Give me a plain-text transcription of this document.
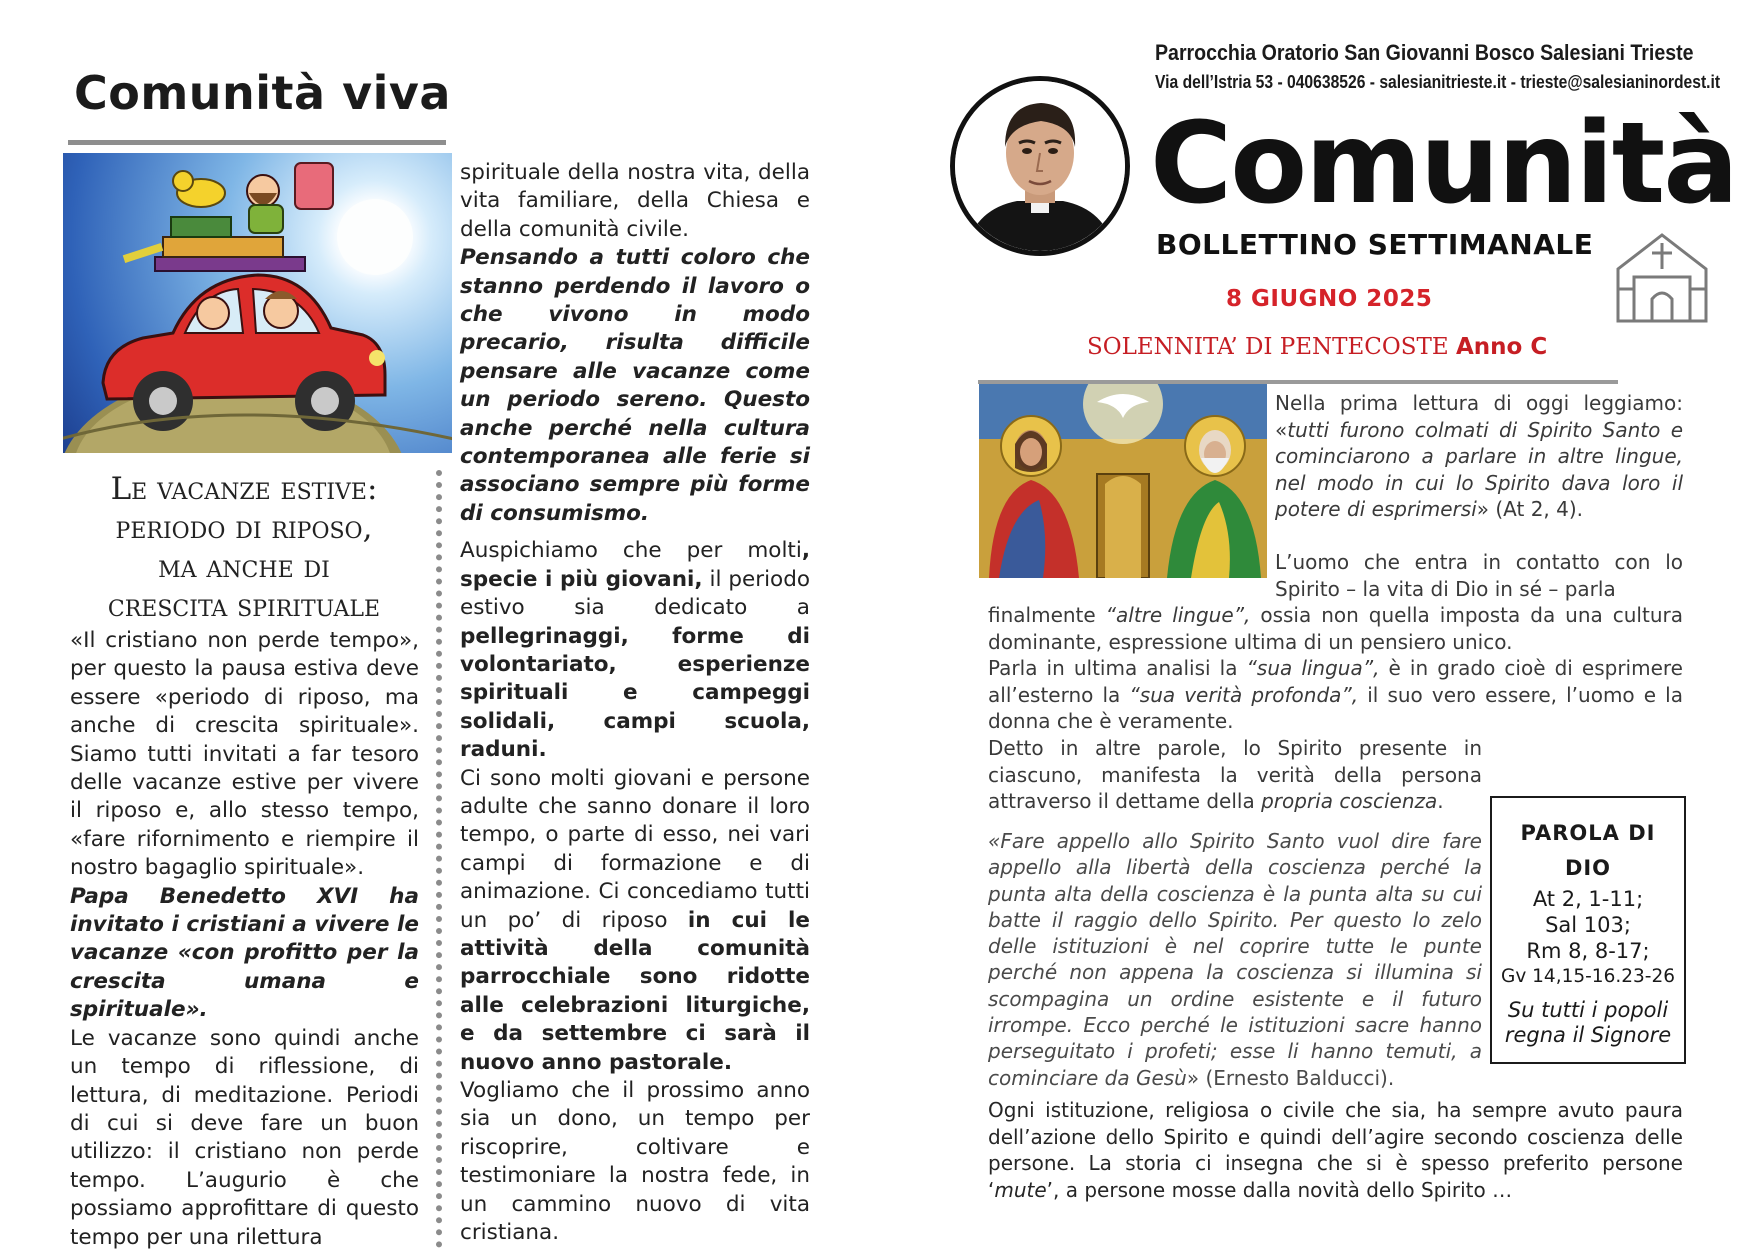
Comunità viva
Le vacanze estive:
periodo di riposo,
ma anche di
crescita spirituale

«Il cristiano non perde tempo», per questo la pausa estiva deve essere «periodo di riposo, ma anche di crescita spirituale». Siamo tutti invitati a far tesoro delle vacanze estive per vivere il riposo e, allo stesso tempo, «fare rifornimento e riempire il nostro bagaglio spirituale».

Papa Benedetto XVI ha invitato i cristiani a vivere le vacanze «con profitto per la crescita umana e spirituale».

Le vacanze sono quindi anche un tempo di riflessione, di lettura, di meditazione. Periodi di cui si deve fare un buon utilizzo: il cristiano non perde tempo. L’augurio è che possiamo approfittare di questo tempo per una rilettura

spirituale della nostra vita, della vita familiare, della Chiesa e della comunità civile.

Pensando a tutti coloro che stanno perdendo il lavoro o che vivono in modo precario, risulta difficile pensare alle vacanze come un periodo sereno. Questo anche perché nella cultura contemporanea alle ferie si associano sempre più forme di consumismo.

Auspichiamo che per molti, specie i più giovani, il periodo estivo sia dedicato a pellegrinaggi, forme di volontariato, esperienze spirituali e campeggi solidali, campi scuola, raduni.

Ci sono molti giovani e persone adulte che sanno donare il loro tempo, o parte di esso, nei vari campi di formazione e di animazione. Ci concediamo tutti un po’ di riposo in cui le attività della comunità parrocchiale sono ridotte alle celebrazioni liturgiche, e da settembre ci sarà il nuovo anno pastorale.

Vogliamo che il prossimo anno sia un dono, un tempo per riscoprire, coltivare e testimoniare la nostra fede, in un cammino nuovo di vita cristiana.

Parrocchia Oratorio San Giovanni Bosco Salesiani Trieste
Via dell’Istria 53 - 040638526 - salesianitrieste.it - trieste@salesianinordest.it
Comunità
BOLLETTINO SETTIMANALE
8 GIUGNO 2025
SOLENNITA’ DI PENTECOSTE Anno C
Nella prima lettura di oggi leggiamo: «tutti furono colmati di Spirito Santo e cominciarono a parlare in altre lingue, nel modo in cui lo Spirito dava loro il potere di esprimersi» (At 2, 4).
L’uomo che entra in contatto con lo Spirito – la vita di Dio in sé – parla

finalmente “altre lingue”, ossia non quella imposta da una cultura dominante, espressione ultima di un pensiero unico.

Parla in ultima analisi la “sua lingua”, è in grado cioè di esprimere all’esterno la “sua verità profonda”, il suo vero essere, l’uomo e la donna che è veramente.

Detto in altre parole, lo Spirito presente in ciascuno, manifesta la verità della persona attraverso il dettame della propria coscienza.

«Fare appello allo Spirito Santo vuol dire fare appello alla libertà della coscienza perché la punta alta della coscienza è la punta alta su cui batte il raggio dello Spirito. Per questo lo zelo delle istituzioni è nel coprire tutte le punte perché non appena la coscienza si illumina si scompagina un ordine esistente e il futuro irrompe. Ecco perché le istituzioni sacre hanno perseguitato i profeti; esse li hanno temuti, a cominciare da Gesù» (Ernesto Balducci).
Ogni istituzione, religiosa o civile che sia, ha sempre avuto paura dell’azione dello Spirito e quindi dell’agire secondo coscienza delle persone. La storia ci insegna che si è spesso preferito persone ‘mute’, a persone mosse dalla novità dello Spirito …
PAROLA DI
DIO
At 2, 1-11;
Sal 103;
Rm 8, 8-17;
Gv 14,15-16.23-26
Su tutti i popoli
regna il Signore
